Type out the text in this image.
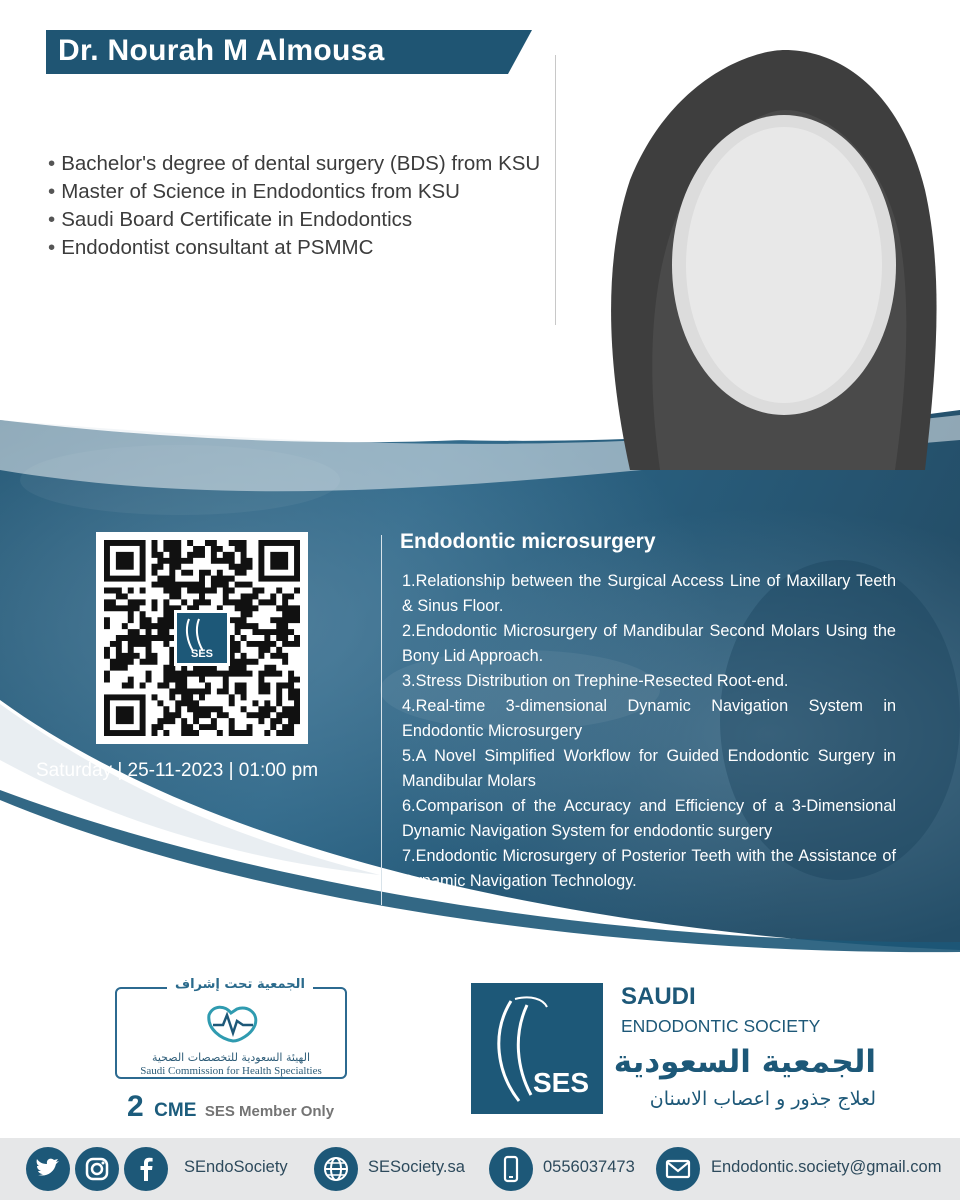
Dr. Nourah M Almousa
• Bachelor's degree of dental surgery (BDS) from KSU
• Master of Science in Endodontics from KSU
• Saudi Board Certificate in Endodontics
• Endodontist consultant at PSMMC
SES
Saturday | 25-11-2023 | 01:00 pm
Endodontic microsurgery
1.Relationship between the Surgical Access Line of Maxillary Teeth & Sinus Floor.
2.Endodontic Microsurgery of Mandibular Second Molars Using the Bony Lid Approach.
3.Stress Distribution on Trephine-Resected Root-end.
4.Real-time 3-dimensional Dynamic Navigation System in Endodontic Microsurgery
5.A Novel Simplified Workflow for Guided Endodontic Surgery in Mandibular Molars
6.Comparison of the Accuracy and Efficiency of a 3-Dimensional Dynamic Navigation System for endodontic surgery
7.Endodontic Microsurgery of Posterior Teeth with the Assistance of Dynamic Navigation Technology.
الجمعية تحت إشراف
الهيئة السعودية للتخصصات الصحية
Saudi Commission for Health Specialties
2 CME SES Member Only
SES
SAUDI
ENDODONTIC SOCIETY
الجمعية السعودية
لعلاج جذور و اعصاب الاسنان
SEndoSociety	SESociety.sa	0556037473	Endodontic.society@gmail.com
